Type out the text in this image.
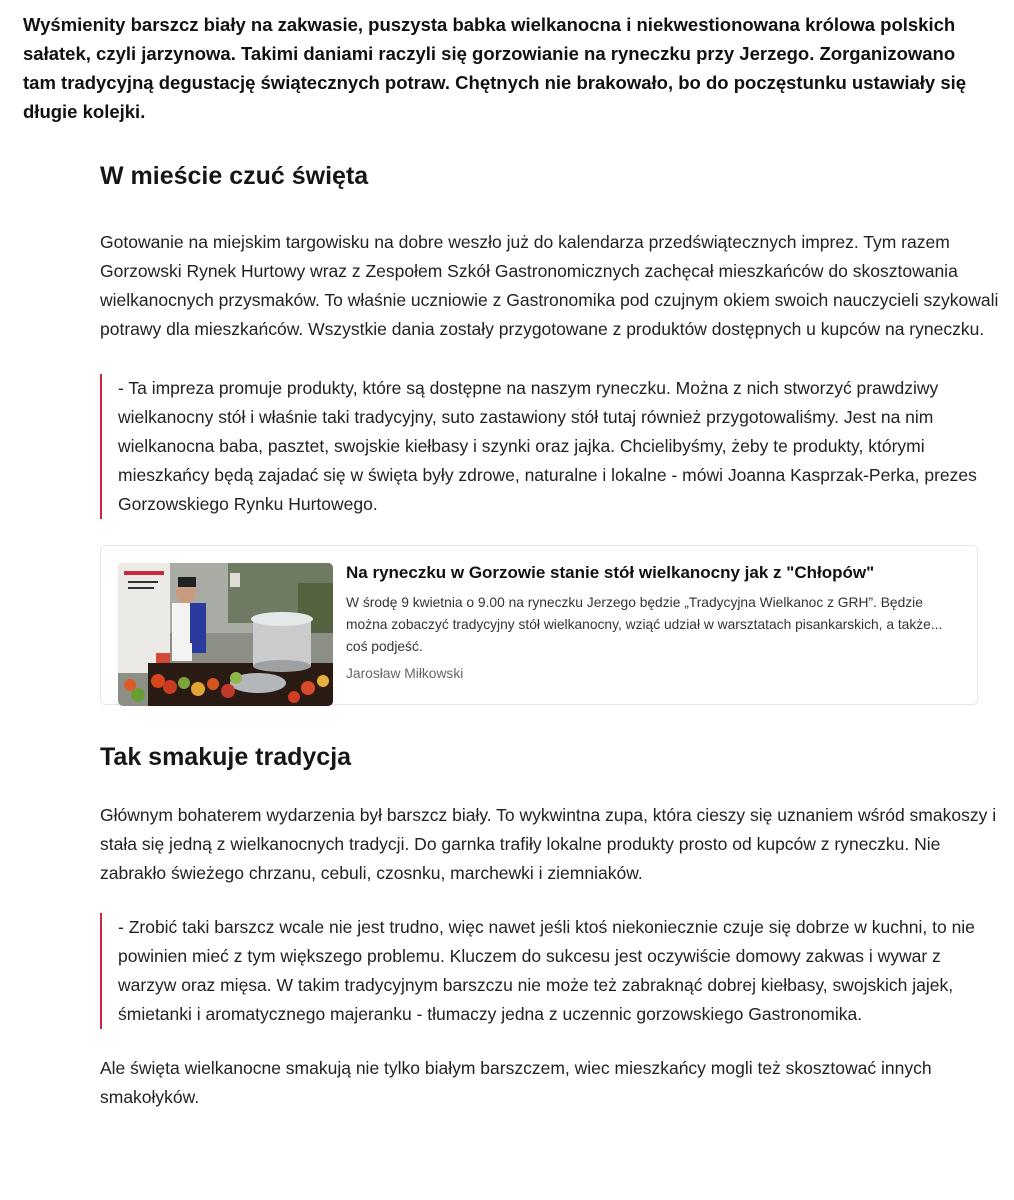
Wyśmienity barszcz biały na zakwasie, puszysta babka wielkanocna i niekwestionowana królowa polskich sałatek, czyli jarzynowa. Takimi daniami raczyli się gorzowianie na ryneczku przy Jerzego. Zorganizowano tam tradycyjną degustację świątecznych potraw. Chętnych nie brakowało, bo do poczęstunku ustawiały się długie kolejki.
W mieście czuć święta

Gotowanie na miejskim targowisku na dobre weszło już do kalendarza przedświątecznych imprez. Tym razem Gorzowski Rynek Hurtowy wraz z Zespołem Szkół Gastronomicznych zachęcał mieszkańców do skosztowania wielkanocnych przysmaków. To właśnie uczniowie z Gastronomika pod czujnym okiem swoich nauczycieli szykowali potrawy dla mieszkańców. Wszystkie dania zostały przygotowane z produktów dostępnych u kupców na ryneczku.

- Ta impreza promuje produkty, które są dostępne na naszym ryneczku. Można z nich stworzyć prawdziwy wielkanocny stół i właśnie taki tradycyjny, suto zastawiony stół tutaj również przygotowaliśmy. Jest na nim wielkanocna baba, pasztet, swojskie kiełbasy i szynki oraz jajka. Chcielibyśmy, żeby te produkty, którymi mieszkańcy będą zajadać się w święta były zdrowe, naturalne i lokalne - mówi Joanna Kasprzak-Perka, prezes Gorzowskiego Rynku Hurtowego.
Na ryneczku w Gorzowie stanie stół wielkanocny jak z "Chłopów"
W środę 9 kwietnia o 9.00 na ryneczku Jerzego będzie „Tradycyjna Wielkanoc z GRH”. Będzie można zobaczyć tradycyjny stół wielkanocny, wziąć udział w warsztatach pisankarskich, a także... coś podjeść.
Jarosław Miłkowski
Tak smakuje tradycja

Głównym bohaterem wydarzenia był barszcz biały. To wykwintna zupa, która cieszy się uznaniem wśród smakoszy i stała się jedną z wielkanocnych tradycji. Do garnka trafiły lokalne produkty prosto od kupców z ryneczku. Nie zabrakło świeżego chrzanu, cebuli, czosnku, marchewki i ziemniaków.

- Zrobić taki barszcz wcale nie jest trudno, więc nawet jeśli ktoś niekoniecznie czuje się dobrze w kuchni, to nie powinien mieć z tym większego problemu. Kluczem do sukcesu jest oczywiście domowy zakwas i wywar z warzyw oraz mięsa. W takim tradycyjnym barszczu nie może też zabraknąć dobrej kiełbasy, swojskich jajek, śmietanki i aromatycznego majeranku - tłumaczy jedna z uczennic gorzowskiego Gastronomika.

Ale święta wielkanocne smakują nie tylko białym barszczem, wiec mieszkańcy mogli też skosztować innych smakołyków.
